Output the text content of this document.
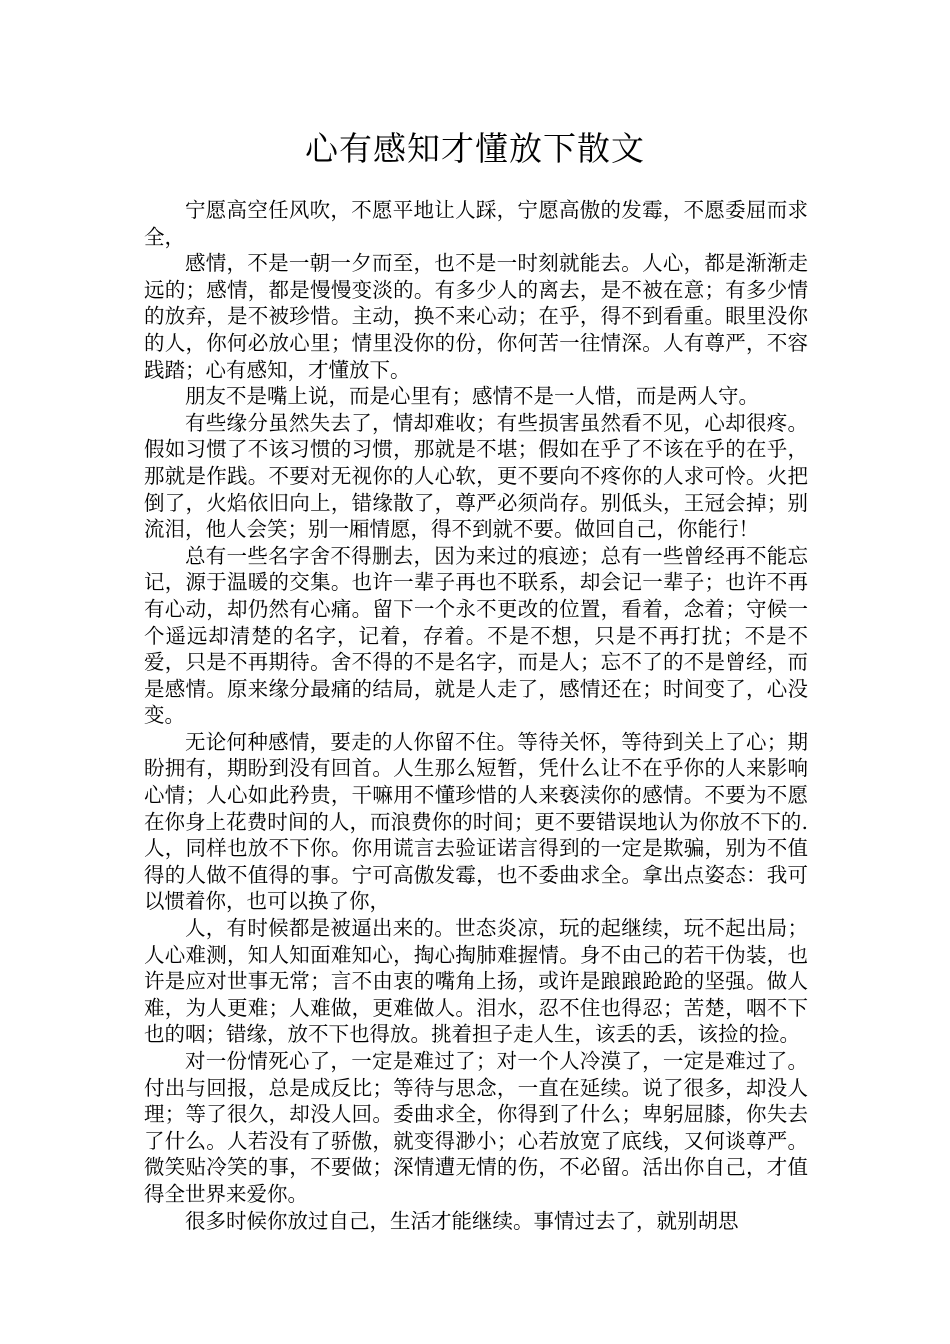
心有感知才懂放下散文

宁愿高空任风吹，不愿平地让人踩，宁愿高傲的发霉，不愿委屈而求全，

感情，不是一朝一夕而至，也不是一时刻就能去。人心，都是渐渐走远的；感情，都是慢慢变淡的。有多少人的离去，是不被在意；有多少情的放弃，是不被珍惜。主动，换不来心动；在乎，得不到看重。眼里没你的人，你何必放心里；情里没你的份，你何苦一往情深。人有尊严，不容践踏；心有感知，才懂放下。

朋友不是嘴上说，而是心里有；感情不是一人惜，而是两人守。

有些缘分虽然失去了，情却难收；有些损害虽然看不见，心却很疼。假如习惯了不该习惯的习惯，那就是不堪；假如在乎了不该在乎的在乎，那就是作践。不要对无视你的人心软，更不要向不疼你的人求可怜。火把倒了，火焰依旧向上，错缘散了，尊严必须尚存。别低头，王冠会掉；别流泪，他人会笑；别一厢情愿，得不到就不要。做回自己，你能行！

总有一些名字舍不得删去，因为来过的痕迹；总有一些曾经再不能忘记，源于温暖的交集。也许一辈子再也不联系，却会记一辈子；也许不再有心动，却仍然有心痛。留下一个永不更改的位置，看着，念着；守候一个遥远却清楚的名字，记着，存着。不是不想，只是不再打扰；不是不爱，只是不再期待。舍不得的不是名字，而是人；忘不了的不是曾经，而是感情。原来缘分最痛的结局，就是人走了，感情还在；时间变了，心没变。

无论何种感情，要走的人你留不住。等待关怀，等待到关上了心；期盼拥有，期盼到没有回首。人生那么短暂，凭什么让不在乎你的人来影响心情；人心如此矜贵，干嘛用不懂珍惜的人来亵渎你的感情。不要为不愿在你身上花费时间的人，而浪费你的时间；更不要错误地认为你放不下的.人，同样也放不下你。你用谎言去验证诺言得到的一定是欺骗，别为不值得的人做不值得的事。宁可高傲发霉，也不委曲求全。拿出点姿态：我可以惯着你，也可以换了你，

人，有时候都是被逼出来的。世态炎凉，玩的起继续，玩不起出局；人心难测，知人知面难知心，掏心掏肺难握情。身不由己的若干伪装，也许是应对世事无常；言不由衷的嘴角上扬，或许是踉踉跄跄的坚强。做人难，为人更难；人难做，更难做人。泪水，忍不住也得忍；苦楚，咽不下也的咽；错缘，放不下也得放。挑着担子走人生，该丢的丢，该捡的捡。

对一份情死心了，一定是难过了；对一个人冷漠了，一定是难过了。付出与回报，总是成反比；等待与思念，一直在延续。说了很多，却没人理；等了很久，却没人回。委曲求全，你得到了什么；卑躬屈膝，你失去了什么。人若没有了骄傲，就变得渺小；心若放宽了底线，又何谈尊严。微笑贴冷笑的事，不要做；深情遭无情的伤，不必留。活出你自己，才值得全世界来爱你。

很多时候你放过自己，生活才能继续。事情过去了，就别胡思
